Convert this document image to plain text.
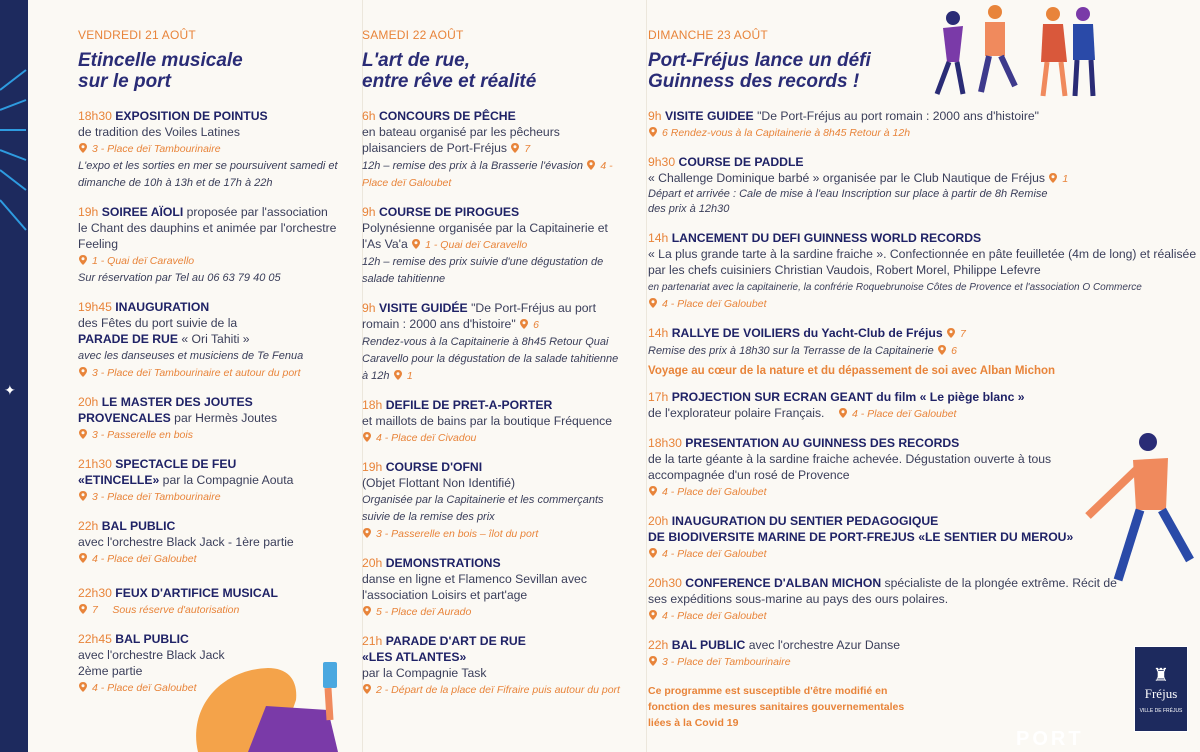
VENDREDI 21 AOÛT
Etincelle musicale
sur le port
18h30 EXPOSITION DE POINTUS
de tradition des Voiles Latines
3 - Place deï Tambourinaire
L'expo et les sorties en mer se poursuivent samedi et dimanche de 10h à 13h et de 17h à 22h
19h SOIREE AÏOLI proposée par l'association le Chant des dauphins et animée par l'orchestre Feeling
1 - Quai deï Caravello
Sur réservation par Tel au 06 63 79 40 05
19h45 INAUGURATION
des Fêtes du port suivie de la
PARADE DE RUE « Ori Tahiti »
avec les danseuses et musiciens de Te Fenua
3 - Place deï Tambourinaire et autour du port
20h LE MASTER DES JOUTES PROVENCALES par Hermès Joutes
3 - Passerelle en bois
21h30 SPECTACLE DE FEU
«ETINCELLE» par la Compagnie Aouta
3 - Place deï Tambourinaire
22h BAL PUBLIC
avec l'orchestre Black Jack - 1ère partie
4 - Place deï Galoubet
22h30 FEUX D'ARTIFICE MUSICAL
7     Sous réserve d'autorisation
22h45 BAL PUBLIC
avec l'orchestre Black Jack 2ème partie
4 - Place deï Galoubet
SAMEDI 22 AOÛT
L'art de rue,
entre rêve et réalité
6h CONCOURS DE PÊCHE
en bateau organisé par les pêcheurs plaisanciers de Port-Fréjus 7
12h – remise des prix à la Brasserie l'évasion 4 - Place deï Galoubet
9h COURSE DE PIROGUES
Polynésienne organisée par la Capitainerie et l'As Va'a 1 - Quai deï Caravello
12h – remise des prix suivie d'une dégustation de salade tahitienne
9h VISITE GUIDÉE "De Port-Fréjus au port romain : 2000 ans d'histoire" 6
Rendez-vous à la Capitainerie à 8h45 Retour Quai Caravello pour la dégustation de la salade tahitienne à 12h 1
18h DEFILE DE PRET-A-PORTER
et maillots de bains par la boutique Fréquence 4 - Place deï Civadou
19h COURSE D'OFNI
(Objet Flottant Non Identifié)
Organisée par la Capitainerie et les commerçants suivie de la remise des prix
3 - Passerelle en bois – îlot du port
20h DEMONSTRATIONS
danse en ligne et Flamenco Sevillan avec l'association Loisirs et part'age
5 - Place deï Aurado
21h PARADE D'ART DE RUE
«LES ATLANTES»
par la Compagnie Task
2 - Départ de la place deï Fifraire puis autour du port
DIMANCHE 23 AOÛT
Port-Fréjus lance un défi
Guinness des records !
9h VISITE GUIDEE "De Port-Fréjus au port romain : 2000 ans d'histoire"
6 Rendez-vous à la Capitainerie à 8h45 Retour à 12h
9h30 COURSE DE PADDLE
« Challenge Dominique barbé » organisée par le Club Nautique de Fréjus 1
Départ et arrivée : Cale de mise à l'eau Inscription sur place à partir de 8h Remise des prix à 12h30
14h LANCEMENT DU DEFI GUINNESS WORLD RECORDS
« La plus grande tarte à la sardine fraiche ». Confectionnée en pâte feuilletée (4m de long) et réalisée par les chefs cuisiniers Christian Vaudois, Robert Morel, Philippe Lefevre
en partenariat avec la capitainerie, la confrérie Roquebrunoise Côtes de Provence et l'association O Commerce
4 - Place deï Galoubet
14h RALLYE DE VOILIERS du Yacht-Club de Fréjus 7
Remise des prix à 18h30 sur la Terrasse de la Capitainerie 6
Voyage au cœur de la nature et du dépassement de soi avec Alban Michon
17h PROJECTION SUR ECRAN GEANT du film « Le piège blanc »
de l'explorateur polaire Français.	4 - Place deï Galoubet
18h30 PRESENTATION AU GUINNESS DES RECORDS
de la tarte géante à la sardine fraiche achevée. Dégustation ouverte à tous accompagnée d'un rosé de Provence
4 - Place deï Galoubet
20h INAUGURATION DU SENTIER PEDAGOGIQUE
DE BIODIVERSITE MARINE DE PORT-FREJUS «LE SENTIER DU MEROU»
4 - Place deï Galoubet
20h30 CONFERENCE D'ALBAN MICHON spécialiste de la plongée extrême. Récit de ses expéditions sous-marine au pays des ours polaires.
4 - Place deï Galoubet
22h BAL PUBLIC avec l'orchestre Azur Danse
3 - Place deï Tambourinaire
Ce programme est susceptible d'être modifié en fonction des mesures sanitaires gouvernementales liées à la Covid 19
♜
Fréjus
VILLE DE FRÉJUS
PORT
✦
